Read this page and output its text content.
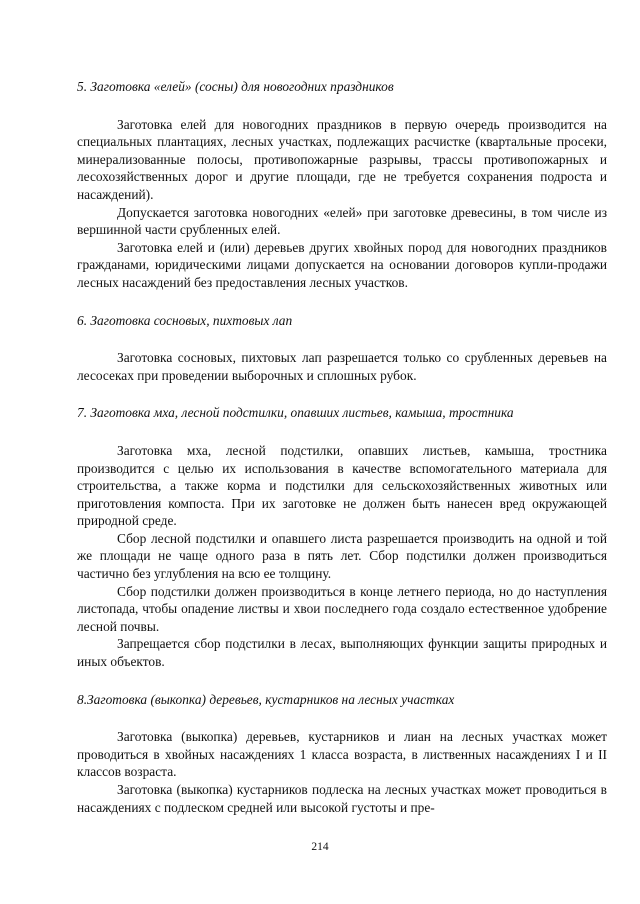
5. Заготовка «елей» (сосны) для новогодних праздников

Заготовка елей для новогодних праздников в первую очередь производится на специальных плантациях, лесных участках, подлежащих расчистке (квартальные просеки, минерализованные полосы, противопожарные разрывы, трассы противопожарных и лесохозяйственных дорог и другие площади, где не требуется сохранения подроста и насаждений).

Допускается заготовка новогодних «елей» при заготовке древесины, в том числе из вершинной части срубленных елей.

Заготовка елей и (или) деревьев других хвойных пород для новогодних праздников гражданами, юридическими лицами допускается на основании договоров купли-продажи лесных насаждений без предоставления лесных участков.

6. Заготовка сосновых, пихтовых лап

Заготовка сосновых, пихтовых лап разрешается только со срубленных деревьев на лесосеках при проведении выборочных и сплошных рубок.

7. Заготовка мха, лесной подстилки, опавших листьев, камыша, тростника

Заготовка мха, лесной подстилки, опавших листьев, камыша, тростника производится с целью их использования в качестве вспомогательного материала для строительства, а также корма и подстилки для сельскохозяйственных животных или приготовления компоста. При их заготовке не должен быть нанесен вред окружающей природной среде.

Сбор лесной подстилки и опавшего листа разрешается производить на одной и той же площади не чаще одного раза в пять лет. Сбор подстилки должен производиться частично без углубления на всю ее толщину.

Сбор подстилки должен производиться в конце летнего периода, но до наступления листопада, чтобы опадение листвы и хвои последнего года создало естественное удобрение лесной почвы.

Запрещается сбор подстилки в лесах, выполняющих функции защиты природных и иных объектов.

8.Заготовка (выкопка) деревьев, кустарников на лесных участках

Заготовка (выкопка) деревьев, кустарников и лиан на лесных участках может проводиться в хвойных насаждениях 1 класса возраста, в лиственных насаждениях I и II классов возраста.

Заготовка (выкопка) кустарников подлеска на лесных участках может проводиться в насаждениях с подлеском средней или высокой густоты и пре-

214
